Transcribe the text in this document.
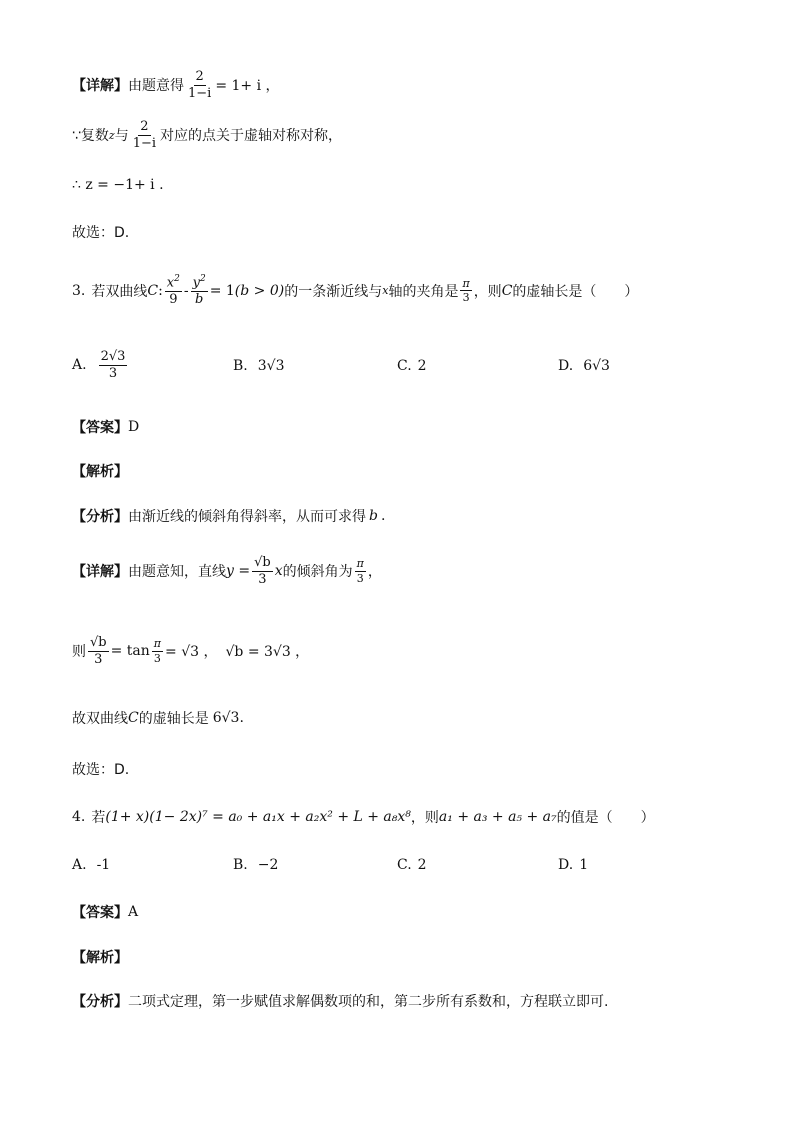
【详解】 由题意得 $\frac{2}{1-i} = 1+ i$ ，
∵复数 z 与 $\frac{2}{1-i}$ 对应的点关于虚轴对称对称，
∴ z = −1+ i .
故选：D.
3. 若双曲线 C : $\frac{x^2}{9} - \frac{y^2}{b} = 1$ (b > 0) 的一条渐近线与 x 轴的夹角是 $\frac{\pi}{3}$ ，则 C 的虚轴长是（　　）
A. $\frac{2√3}{3}$	B. 3√3	C. 2	D. 6√3
【答案】 D
【解析】
【分析】 由渐近线的倾斜角得斜率，从而可求得 b .
【详解】 由题意知，直线 $y = \frac{√b}{3}$ x 的倾斜角为 $\frac{\pi}{3}$ ，
则 $\frac{√b}{3} = \tan \frac{\pi}{3} = √3$ ， √b = 3√3 ，
故双曲线 C 的虚轴长是 6√3 .
故选：D.
4. 若 (1+ x)(1− 2x)⁷ = a₀ + a₁x + a₂x² + L + a₈x⁸ ，则 a₁ + a₃ + a₅ + a₇ 的值是（　　）
A. -1	B. −2	C. 2	D. 1
【答案】 A
【解析】
【分析】 二项式定理，第一步赋值求解偶数项的和，第二步所有系数和，方程联立即可.
